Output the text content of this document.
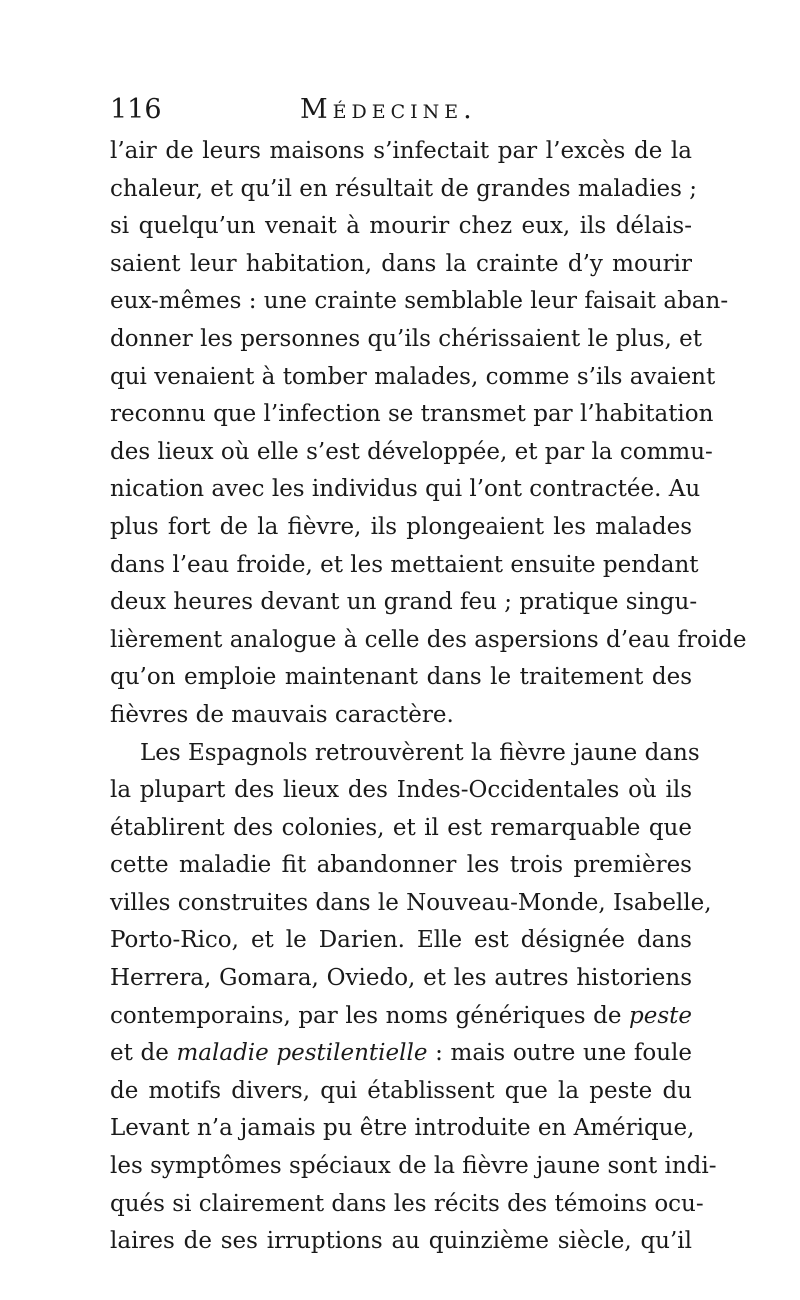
116	Médecine.
l’air de leurs maisons s’infectait par l’excès de la
chaleur, et qu’il en résultait de grandes maladies ;
si quelqu’un venait à mourir chez eux, ils délais-
saient leur habitation, dans la crainte d’y mourir
eux-mêmes : une crainte semblable leur faisait aban-
donner les personnes qu’ils chérissaient le plus, et
qui venaient à tomber malades, comme s’ils avaient
reconnu que l’infection se transmet par l’habitation
des lieux où elle s’est développée, et par la commu-
nication avec les individus qui l’ont contractée. Au
plus fort de la fièvre, ils plongeaient les malades
dans l’eau froide, et les mettaient ensuite pendant
deux heures devant un grand feu ; pratique singu-
lièrement analogue à celle des aspersions d’eau froide
qu’on emploie maintenant dans le traitement des
fièvres de mauvais caractère.
Les Espagnols retrouvèrent la fièvre jaune dans
la plupart des lieux des Indes-Occidentales où ils
établirent des colonies, et il est remarquable que
cette maladie fit abandonner les trois premières
villes construites dans le Nouveau-Monde, Isabelle,
Porto-Rico, et le Darien. Elle est désignée dans
Herrera, Gomara, Oviedo, et les autres historiens
contemporains, par les noms génériques de peste
et de maladie pestilentielle : mais outre une foule
de motifs divers, qui établissent que la peste du
Levant n’a jamais pu être introduite en Amérique,
les symptômes spéciaux de la fièvre jaune sont indi-
qués si clairement dans les récits des témoins ocu-
laires de ses irruptions au quinzième siècle, qu’il
